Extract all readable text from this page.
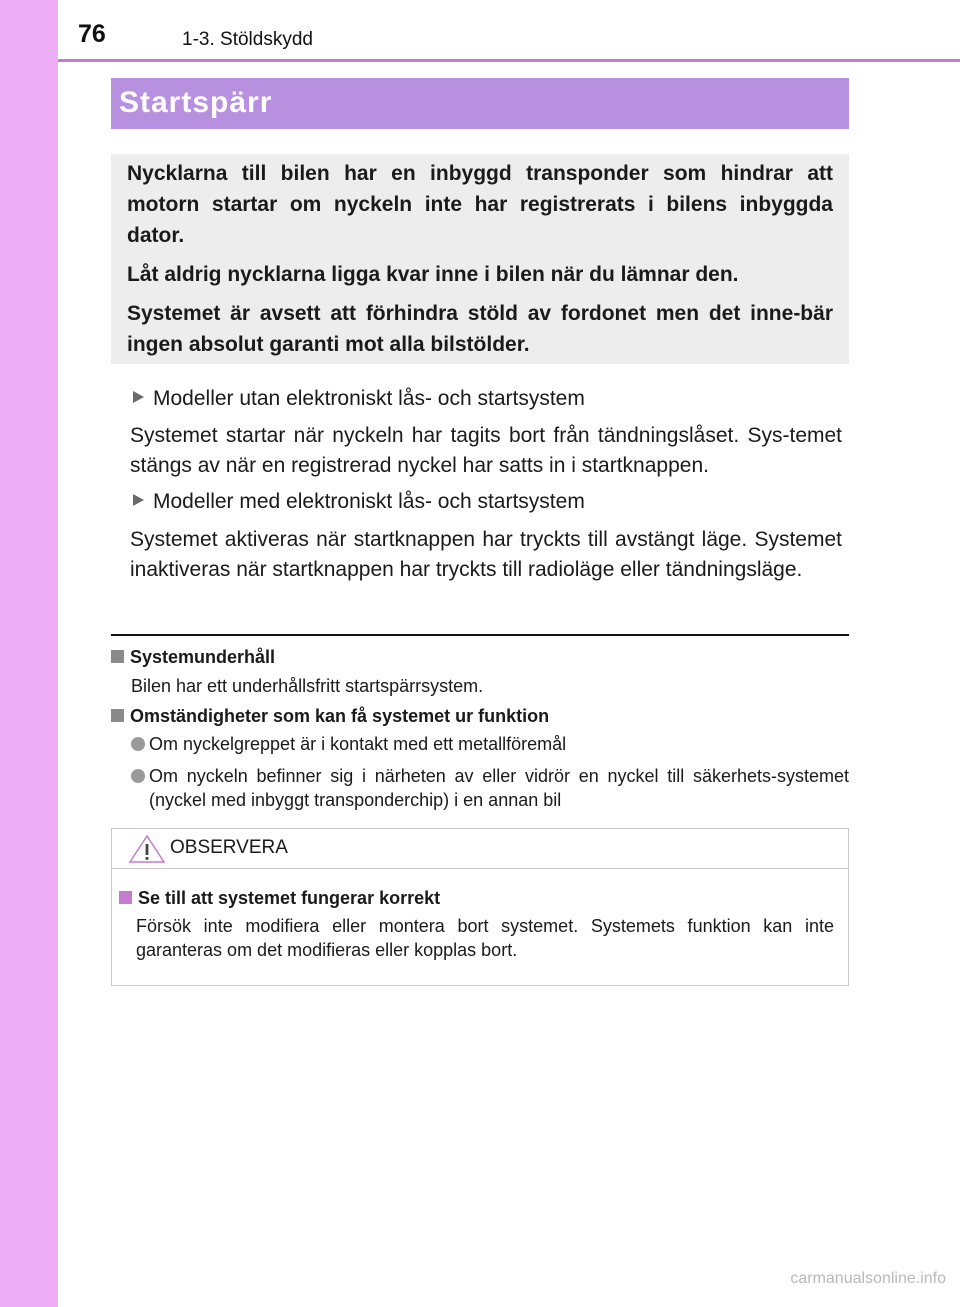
76	1-3. Stöldskydd
Startspärr

Nycklarna till bilen har en inbyggd transponder som hindrar att motorn startar om nyckeln inte har registrerats i bilens inbyggda dator.

Låt aldrig nycklarna ligga kvar inne i bilen när du lämnar den.

Systemet är avsett att förhindra stöld av fordonet men det inne-bär ingen absolut garanti mot alla bilstölder.

Modeller utan elektroniskt lås- och startsystem
Systemet startar när nyckeln har tagits bort från tändningslåset. Sys-temet stängs av när en registrerad nyckel har satts in i startknappen.
Modeller med elektroniskt lås- och startsystem
Systemet aktiveras när startknappen har tryckts till avstängt läge. Systemet inaktiveras när startknappen har tryckts till radioläge eller tändningsläge.
Systemunderhåll
Bilen har ett underhållsfritt startspärrsystem.
Omständigheter som kan få systemet ur funktion
Om nyckelgreppet är i kontakt med ett metallföremål
Om nyckeln befinner sig i närheten av eller vidrör en nyckel till säkerhets-systemet (nyckel med inbyggt transponderchip) i en annan bil
OBSERVERA
Se till att systemet fungerar korrekt
Försök inte modifiera eller montera bort systemet. Systemets funktion kan inte garanteras om det modifieras eller kopplas bort.
carmanualsonline.info
